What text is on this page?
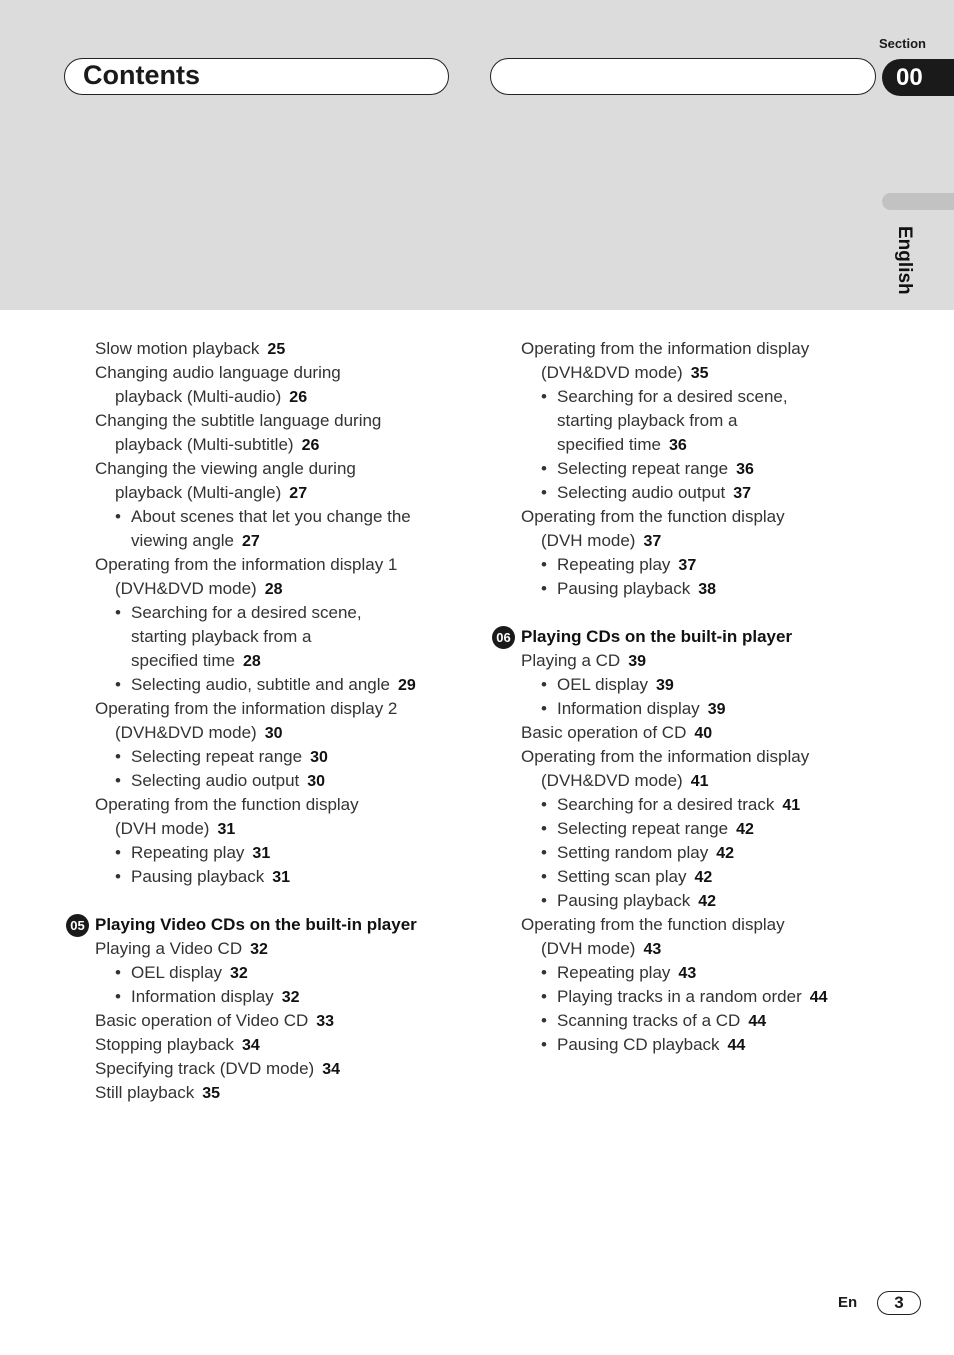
Section
Contents	00
English
Slow motion playback 25
Changing audio language during
playback (Multi-audio) 26
Changing the subtitle language during
playback (Multi-subtitle) 26
Changing the viewing angle during
playback (Multi-angle) 27
• About scenes that let you change the
viewing angle 27
Operating from the information display 1
(DVH&DVD mode) 28
• Searching for a desired scene,
starting playback from a
specified time 28
• Selecting audio, subtitle and angle 29
Operating from the information display 2
(DVH&DVD mode) 30
• Selecting repeat range 30
• Selecting audio output 30
Operating from the function display
(DVH mode) 31
• Repeating play 31
• Pausing playback 31
05 Playing Video CDs on the built-in player
Playing a Video CD 32
• OEL display 32
• Information display 32
Basic operation of Video CD 33
Stopping playback 34
Specifying track (DVD mode) 34
Still playback 35
Operating from the information display
(DVH&DVD mode) 35
• Searching for a desired scene,
starting playback from a
specified time 36
• Selecting repeat range 36
• Selecting audio output 37
Operating from the function display
(DVH mode) 37
• Repeating play 37
• Pausing playback 38
06 Playing CDs on the built-in player
Playing a CD 39
• OEL display 39
• Information display 39
Basic operation of CD 40
Operating from the information display
(DVH&DVD mode) 41
• Searching for a desired track 41
• Selecting repeat range 42
• Setting random play 42
• Setting scan play 42
• Pausing playback 42
Operating from the function display
(DVH mode) 43
• Repeating play 43
• Playing tracks in a random order 44
• Scanning tracks of a CD 44
• Pausing CD playback 44
En	3
